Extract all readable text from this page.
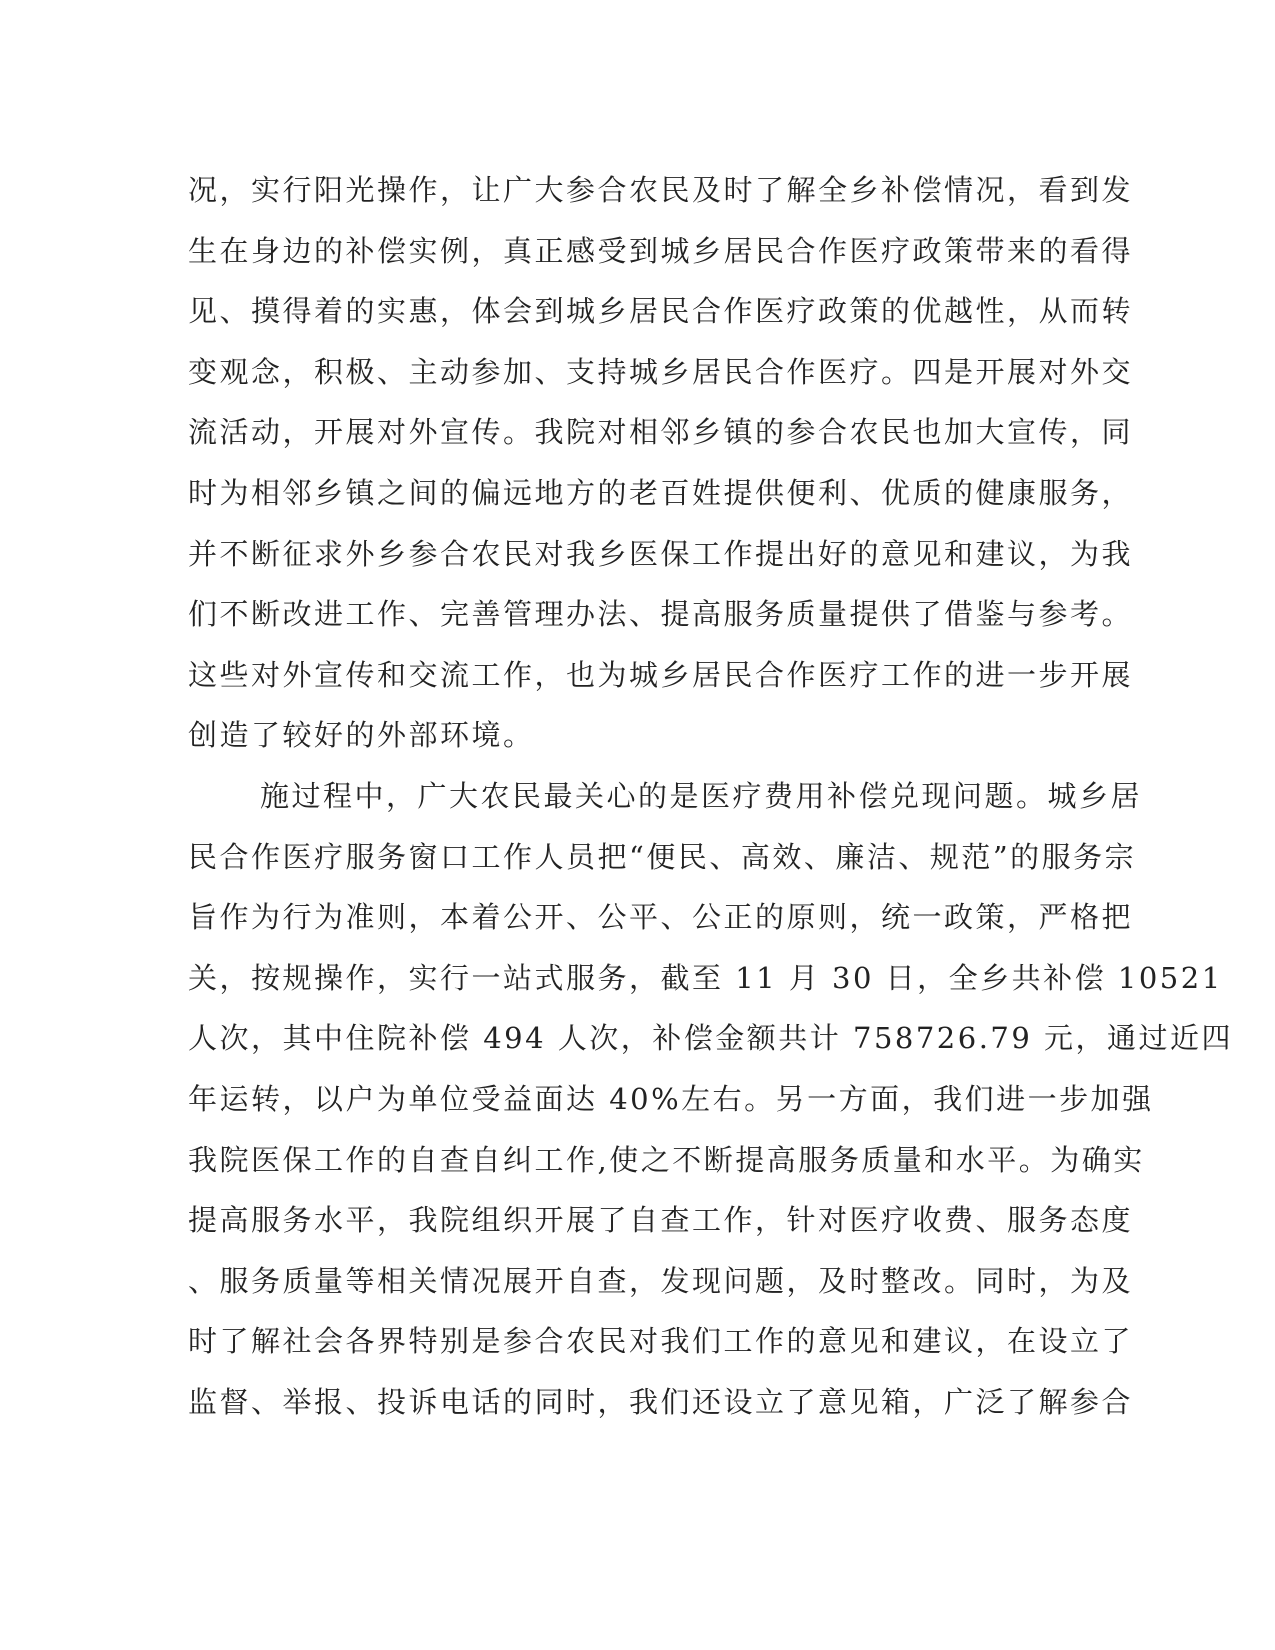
况，实行阳光操作，让广大参合农民及时了解全乡补偿情况，看到发
生在身边的补偿实例，真正感受到城乡居民合作医疗政策带来的看得
见、摸得着的实惠，体会到城乡居民合作医疗政策的优越性，从而转
变观念，积极、主动参加、支持城乡居民合作医疗。四是开展对外交
流活动，开展对外宣传。我院对相邻乡镇的参合农民也加大宣传，同
时为相邻乡镇之间的偏远地方的老百姓提供便利、优质的健康服务，
并不断征求外乡参合农民对我乡医保工作提出好的意见和建议，为我
们不断改进工作、完善管理办法、提高服务质量提供了借鉴与参考。
这些对外宣传和交流工作，也为城乡居民合作医疗工作的进一步开展
创造了较好的外部环境。
施过程中，广大农民最关心的是医疗费用补偿兑现问题。城乡居
民合作医疗服务窗口工作人员把“便民、高效、廉洁、规范”的服务宗
旨作为行为准则，本着公开、公平、公正的原则，统一政策，严格把
关，按规操作，实行一站式服务，截至 11 月 30 日，全乡共补偿 10521
人次，其中住院补偿 494 人次，补偿金额共计 758726.79 元，通过近四
年运转，以户为单位受益面达 40%左右。另一方面，我们进一步加强
我院医保工作的自查自纠工作,使之不断提高服务质量和水平。为确实
提高服务水平，我院组织开展了自查工作，针对医疗收费、服务态度
、服务质量等相关情况展开自查，发现问题，及时整改。同时，为及
时了解社会各界特别是参合农民对我们工作的意见和建议，在设立了
监督、举报、投诉电话的同时，我们还设立了意见箱，广泛了解参合
